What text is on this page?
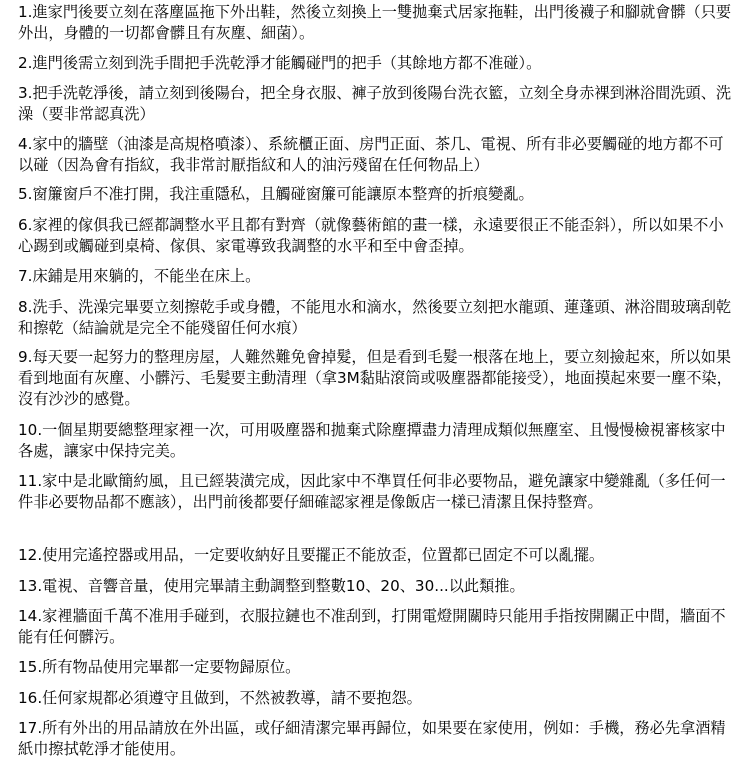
1.進家門後要立刻在落塵區拖下外出鞋，然後立刻換上一雙拋棄式居家拖鞋，出門後襪子和腳就會髒（只要外出，身體的一切都會髒且有灰塵、細菌）。
2.進門後需立刻到洗手間把手洗乾淨才能觸碰門的把手（其餘地方都不准碰）。
3.把手洗乾淨後，請立刻到後陽台，把全身衣服、褲子放到後陽台洗衣籃，立刻全身赤裸到淋浴間洗頭、洗澡（要非常認真洗）
4.家中的牆壁（油漆是高規格噴漆）、系統櫃正面、房門正面、茶几、電視、所有非必要觸碰的地方都不可以碰（因為會有指紋，我非常討厭指紋和人的油污殘留在任何物品上）
5.窗簾窗戶不准打開，我注重隱私，且觸碰窗簾可能讓原本整齊的折痕變亂。
6.家裡的傢俱我已經都調整水平且都有對齊（就像藝術館的畫一樣，永遠要很正不能歪斜），所以如果不小心踢到或觸碰到桌椅、傢俱、家電導致我調整的水平和至中會歪掉。
7.床鋪是用來躺的，不能坐在床上。
8.洗手、洗澡完畢要立刻擦乾手或身體，不能甩水和滴水，然後要立刻把水龍頭、蓮蓬頭、淋浴間玻璃刮乾和擦乾（結論就是完全不能殘留任何水痕）
9.每天要一起努力的整理房屋，人難然難免會掉髮，但是看到毛髮一根落在地上，要立刻撿起來，所以如果看到地面有灰塵、小髒污、毛髮要主動清理（拿3M黏貼滾筒或吸塵器都能接受），地面摸起來要一塵不染，沒有沙沙的感覺。
10.一個星期要總整理家裡一次，可用吸塵器和拋棄式除塵撢盡力清理成類似無塵室、且慢慢檢視審核家中各處，讓家中保持完美。
11.家中是北歐簡約風，且已經裝潢完成，因此家中不準買任何非必要物品，避免讓家中變雜亂（多任何一件非必要物品都不應該），出門前後都要仔細確認家裡是像飯店一樣已清潔且保持整齊。
12.使用完遙控器或用品，一定要收納好且要擺正不能放歪，位置都已固定不可以亂擺。
13.電視、音響音量，使用完畢請主動調整到整數10、20、30...以此類推。
14.家裡牆面千萬不准用手碰到，衣服拉鏈也不准刮到，打開電燈開關時只能用手指按開關正中間，牆面不能有任何髒污。
15.所有物品使用完畢都一定要物歸原位。
16.任何家規都必須遵守且做到，不然被教導，請不要抱怨。
17.所有外出的用品請放在外出區，或仔細清潔完畢再歸位，如果要在家使用，例如：手機，務必先拿酒精紙巾擦拭乾淨才能使用。
